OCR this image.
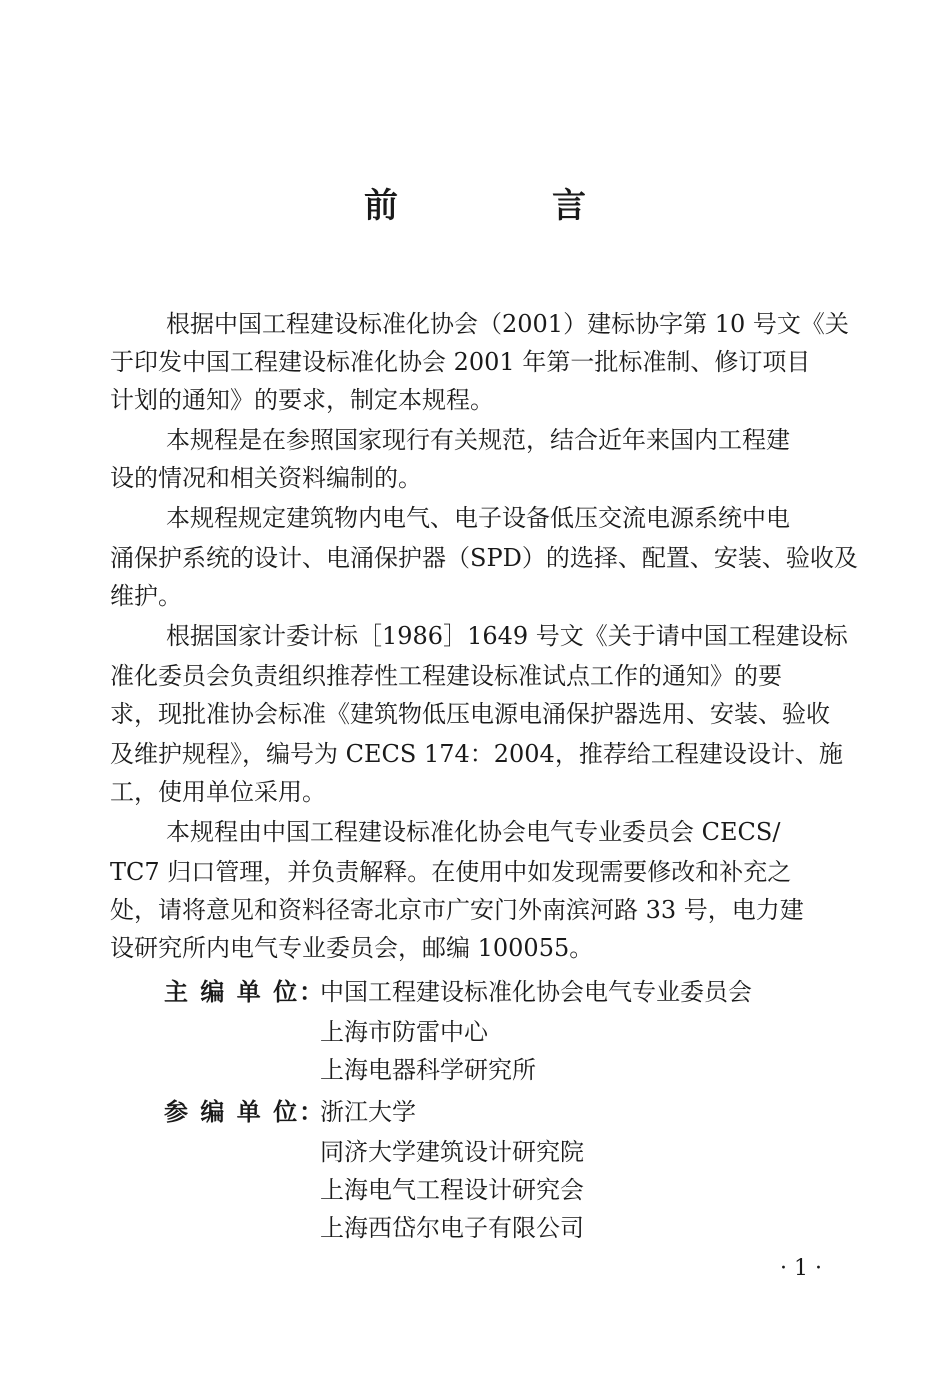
前　言
根据中国工程建设标准化协会（2001）建标协字第 10 号文《关
于印发中国工程建设标准化协会 2001 年第一批标准制、修订项目
计划的通知》的要求，制定本规程。
本规程是在参照国家现行有关规范，结合近年来国内工程建
设的情况和相关资料编制的。
本规程规定建筑物内电气、电子设备低压交流电源系统中电
涌保护系统的设计、电涌保护器（SPD）的选择、配置、安装、验收及
维护。
根据国家计委计标［1986］1649 号文《关于请中国工程建设标
准化委员会负责组织推荐性工程建设标准试点工作的通知》的要
求，现批准协会标准《建筑物低压电源电涌保护器选用、安装、验收
及维护规程》，编号为 CECS 174：2004，推荐给工程建设设计、施
工，使用单位采用。
本规程由中国工程建设标准化协会电气专业委员会 CECS/
TC7 归口管理，并负责解释。在使用中如发现需要修改和补充之
处，请将意见和资料径寄北京市广安门外南滨河路 33 号，电力建
设研究所内电气专业委员会，邮编 100055。
主 编 单 位：
中国工程建设标准化协会电气专业委员会
上海市防雷中心
上海电器科学研究所
参 编 单 位：
浙江大学
同济大学建筑设计研究院
上海电气工程设计研究会
上海西岱尔电子有限公司
· 1 ·
